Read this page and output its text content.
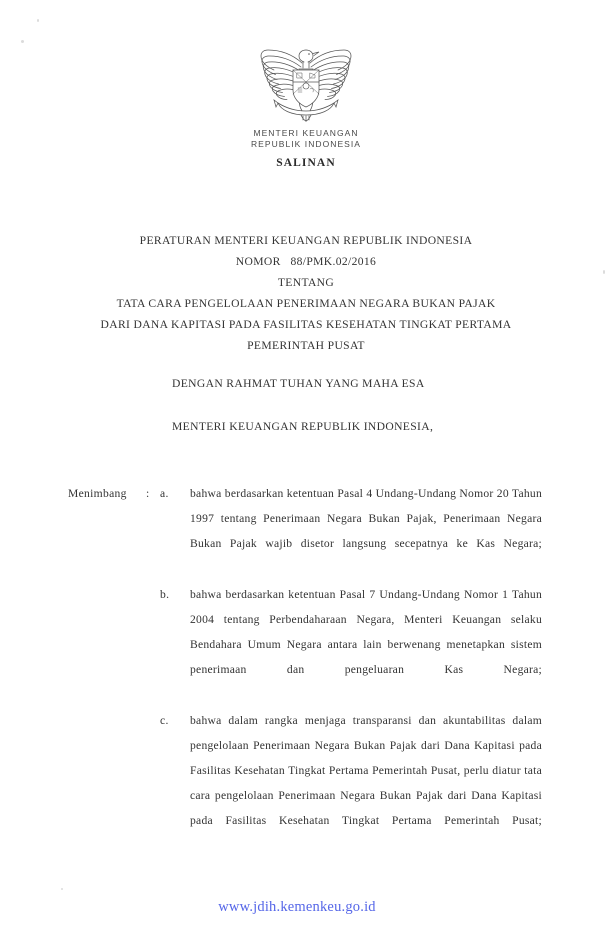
MENTERI KEUANGAN
REPUBLIK INDONESIA
SALINAN
PERATURAN MENTERI KEUANGAN REPUBLIK INDONESIA
NOMOR   88/PMK.02/2016
TENTANG
TATA CARA PENGELOLAAN PENERIMAAN NEGARA BUKAN PAJAK
DARI DANA KAPITASI PADA FASILITAS KESEHATAN TINGKAT PERTAMA
PEMERINTAH PUSAT
DENGAN RAHMAT TUHAN YANG MAHA ESA
MENTERI KEUANGAN REPUBLIK INDONESIA,
Menimbang	: a.	bahwa berdasarkan ketentuan Pasal 4 Undang-Undang Nomor 20 Tahun 1997 tentang Penerimaan Negara Bukan Pajak, Penerimaan Negara Bukan Pajak wajib disetor langsung secepatnya ke Kas Negara;
b.	bahwa berdasarkan ketentuan Pasal 7 Undang-Undang Nomor 1 Tahun 2004 tentang Perbendaharaan Negara, Menteri Keuangan selaku Bendahara Umum Negara antara lain berwenang menetapkan sistem penerimaan dan pengeluaran Kas Negara;
c.	bahwa dalam rangka menjaga transparansi dan akuntabilitas dalam pengelolaan Penerimaan Negara Bukan Pajak dari Dana Kapitasi pada Fasilitas Kesehatan Tingkat Pertama Pemerintah Pusat, perlu diatur tata cara pengelolaan Penerimaan Negara Bukan Pajak dari Dana Kapitasi pada Fasilitas Kesehatan Tingkat Pertama Pemerintah Pusat;
www.jdih.kemenkeu.go.id
